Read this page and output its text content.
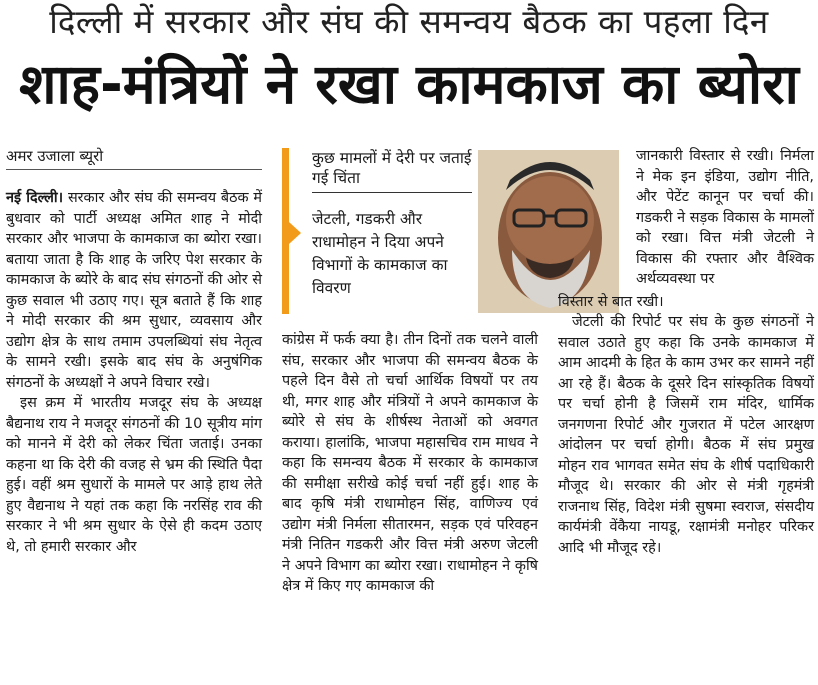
दिल्ली में सरकार और संघ की समन्वय बैठक का पहला दिन
शाह-मंत्रियों ने रखा कामकाज का ब्योरा
अमर उजाला ब्यूरो

नई दिल्ली। सरकार और संघ की समन्वय बैठक में बुधवार को पार्टी अध्यक्ष अमित शाह ने मोदी सरकार और भाजपा के कामकाज का ब्योरा रखा। बताया जाता है कि शाह के जरिए पेश सरकार के कामकाज के ब्योरे के बाद संघ संगठनों की ओर से कुछ सवाल भी उठाए गए। सूत्र बताते हैं कि शाह ने मोदी सरकार की श्रम सुधार, व्यवसाय और उद्योग क्षेत्र के साथ तमाम उपलब्धियां संघ नेतृत्व के सामने रखी। इसके बाद संघ के अनुषंगिक संगठनों के अध्यक्षों ने अपने विचार रखे।

इस क्रम में भारतीय मजदूर संघ के अध्यक्ष बैद्यनाथ राय ने मजदूर संगठनों की 10 सूत्रीय मांग को मानने में देरी को लेकर चिंता जताई। उनका कहना था कि देरी की वजह से भ्रम की स्थिति पैदा हुई। वहीं श्रम सुधारों के मामले पर आड़े हाथ लेते हुए वैद्यनाथ ने यहां तक कहा कि नरसिंह राव की सरकार ने भी श्रम सुधार के ऐसे ही कदम उठाए थे, तो हमारी सरकार और

कुछ मामलों में देरी पर जताई गई चिंता
जेटली, गडकरी और राधामोहन ने दिया अपने विभागों के कामकाज का विवरण

कांग्रेस में फर्क क्या है। तीन दिनों तक चलने वाली संघ, सरकार और भाजपा की समन्वय बैठक के पहले दिन वैसे तो चर्चा आर्थिक विषयों पर तय थी, मगर शाह और मंत्रियों ने अपने कामकाज के ब्योरे से संघ के शीर्षस्थ नेताओं को अवगत कराया। हालांकि, भाजपा महासचिव राम माधव ने कहा कि समन्वय बैठक में सरकार के कामकाज की समीक्षा सरीखे कोई चर्चा नहीं हुई। शाह के बाद कृषि मंत्री राधामोहन सिंह, वाणिज्य एवं उद्योग मंत्री निर्मला सीतारमन, सड़क एवं परिवहन मंत्री नितिन गडकरी और वित्त मंत्री अरुण जेटली ने अपने विभाग का ब्योरा रखा। राधामोहन ने कृषि क्षेत्र में किए गए कामकाज की

जानकारी विस्तार से रखी। निर्मला ने मेक इन इंडिया, उद्योग नीति, और पेटेंट कानून पर चर्चा की। गडकरी ने सड़क विकास के मामलों को रखा। वित्त मंत्री जेटली ने विकास की रफ्तार और वैश्विक अर्थव्यवस्था पर

विस्तार से बात रखी।

जेटली की रिपोर्ट पर संघ के कुछ संगठनों ने सवाल उठाते हुए कहा कि उनके कामकाज में आम आदमी के हित के काम उभर कर सामने नहीं आ रहे हैं। बैठक के दूसरे दिन सांस्कृतिक विषयों पर चर्चा होनी है जिसमें राम मंदिर, धार्मिक जनगणना रिपोर्ट और गुजरात में पटेल आरक्षण आंदोलन पर चर्चा होगी। बैठक में संघ प्रमुख मोहन राव भागवत समेत संघ के शीर्ष पदाधिकारी मौजूद थे। सरकार की ओर से मंत्री गृहमंत्री राजनाथ सिंह, विदेश मंत्री सुषमा स्वराज, संसदीय कार्यमंत्री वेंकैया नायडू, रक्षामंत्री मनोहर परिकर आदि भी मौजूद रहे।
